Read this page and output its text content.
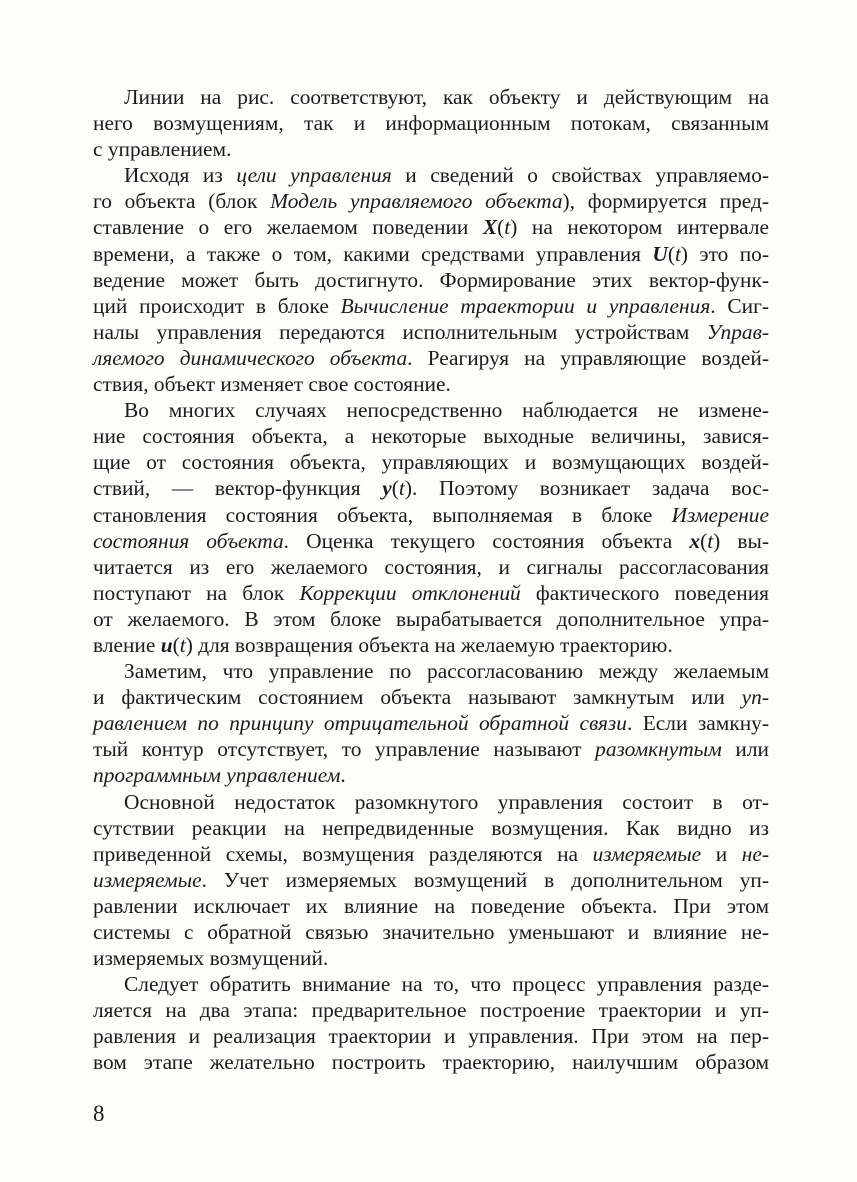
Линии на рис. соответствуют, как объекту и действующим на
него возмущениям, так и информационным потокам, связанным
с управлением.
Исходя из цели управления и сведений о свойствах управляемо-
го объекта (блок Модель управляемого объекта), формируется пред-
ставление о его желаемом поведении X(t) на некотором интервале
времени, а также о том, какими средствами управления U(t) это по-
ведение может быть достигнуто. Формирование этих вектор-функ-
ций происходит в блоке Вычисление траектории и управления. Сиг-
налы управления передаются исполнительным устройствам Управ-
ляемого динамического объекта. Реагируя на управляющие воздей-
ствия, объект изменяет свое состояние.
Во многих случаях непосредственно наблюдается не измене-
ние состояния объекта, а некоторые выходные величины, завися-
щие от состояния объекта, управляющих и возмущающих воздей-
ствий, — вектор-функция y(t). Поэтому возникает задача вос-
становления состояния объекта, выполняемая в блоке Измерение
состояния объекта. Оценка текущего состояния объекта x(t) вы-
читается из его желаемого состояния, и сигналы рассогласования
поступают на блок Коррекции отклонений фактического поведения
от желаемого. В этом блоке вырабатывается дополнительное упра-
вление u(t) для возвращения объекта на желаемую траекторию.
Заметим, что управление по рассогласованию между желаемым
и фактическим состоянием объекта называют замкнутым или уп-
равлением по принципу отрицательной обратной связи. Если замкну-
тый контур отсутствует, то управление называют разомкнутым или
программным управлением.
Основной недостаток разомкнутого управления состоит в от-
сутствии реакции на непредвиденные возмущения. Как видно из
приведенной схемы, возмущения разделяются на измеряемые и не-
измеряемые. Учет измеряемых возмущений в дополнительном уп-
равлении исключает их влияние на поведение объекта. При этом
системы с обратной связью значительно уменьшают и влияние не-
измеряемых возмущений.
Следует обратить внимание на то, что процесс управления разде-
ляется на два этапа: предварительное построение траектории и уп-
равления и реализация траектории и управления. При этом на пер-
вом этапе желательно построить траекторию, наилучшим образом
8
